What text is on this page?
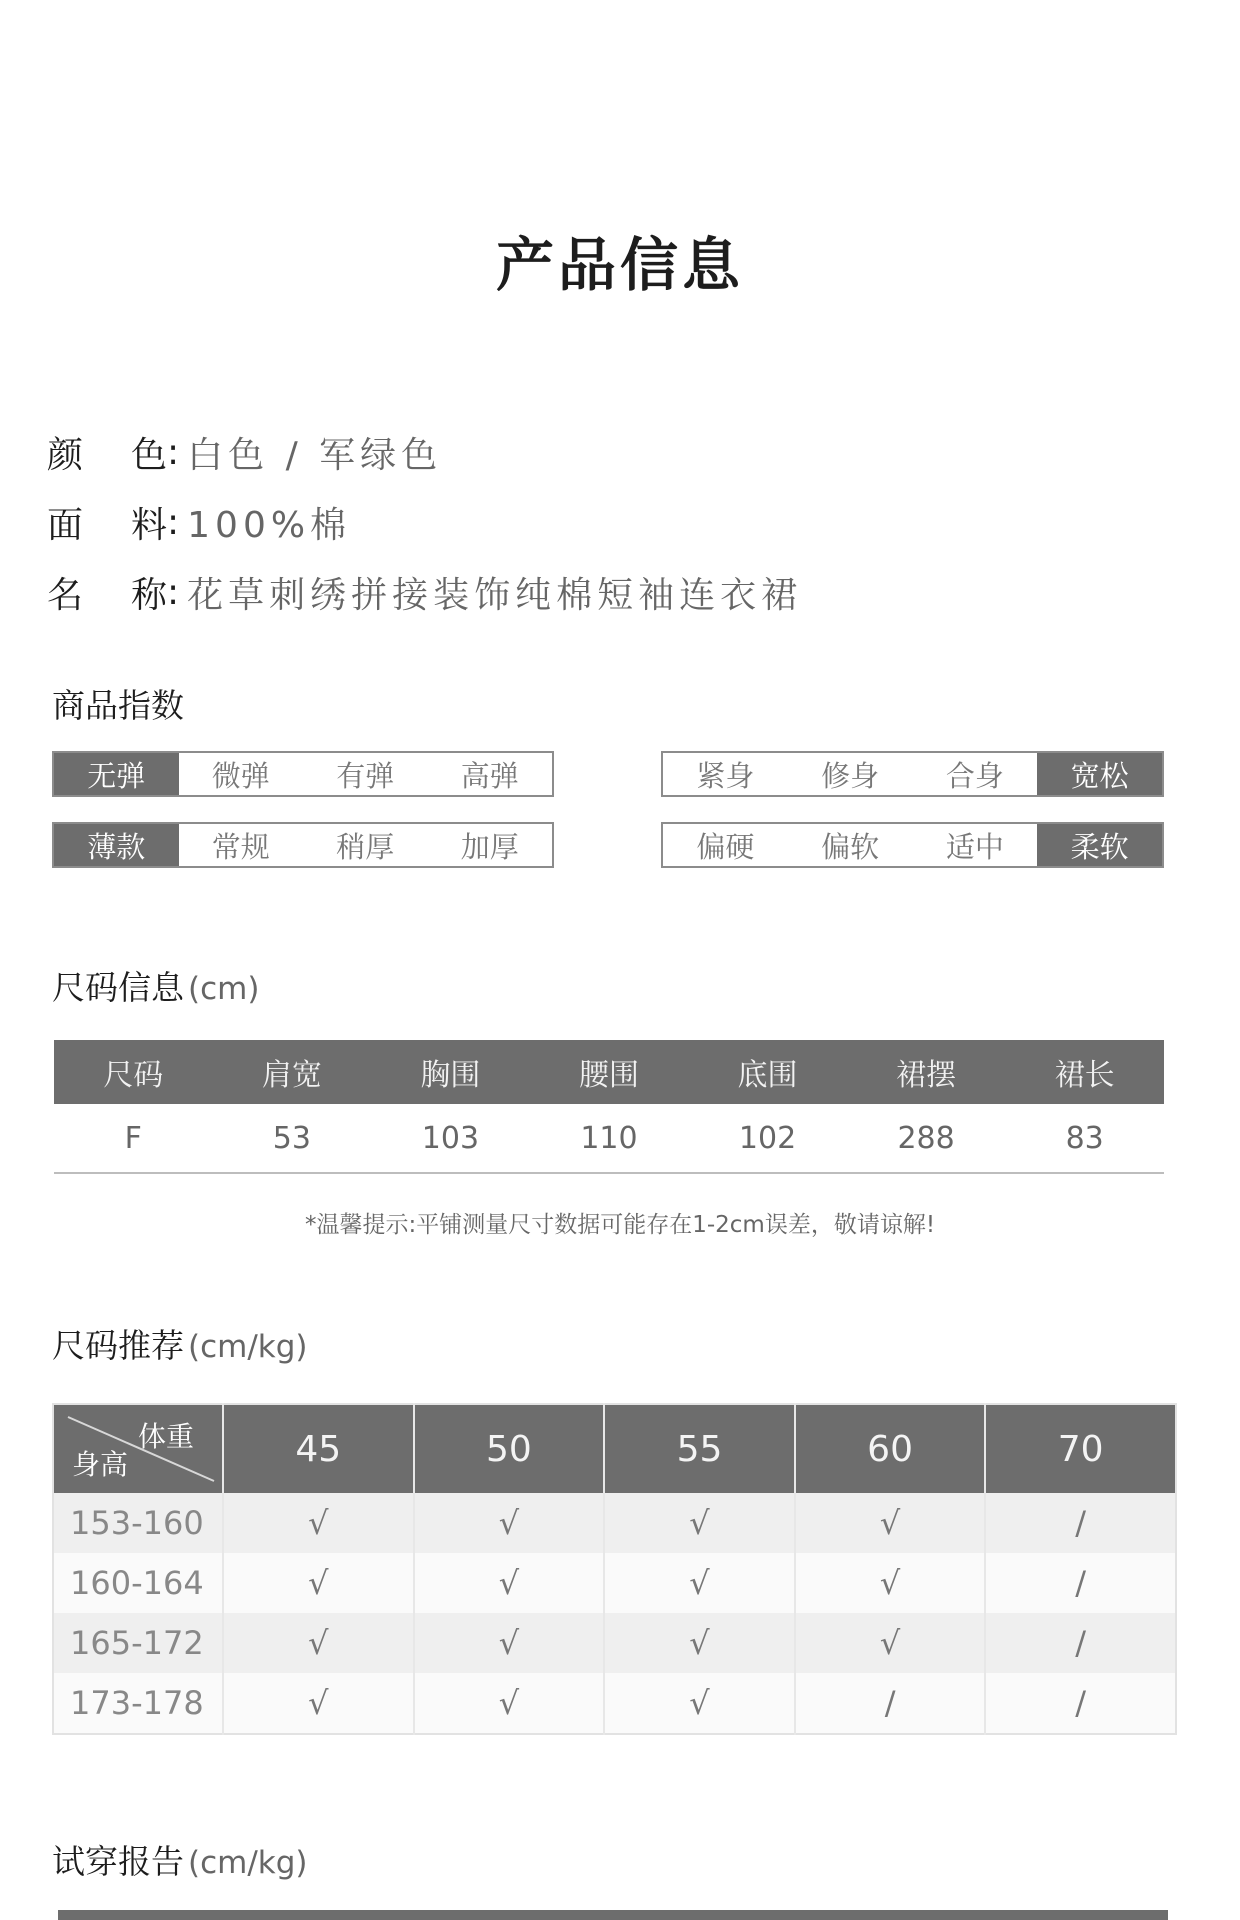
产品信息
颜 色 : 白色 / 军绿色
面 料 : 100%棉
名 称 : 花草刺绣拼接装饰纯棉短袖连衣裙
商品指数
无弹	微弹	有弹	高弹	紧身	修身	合身	宽松
薄款	常规	稍厚	加厚	偏硬	偏软	适中	柔软
尺码信息 (cm)
尺码	肩宽	胸围	腰围	底围	裙摆	裙长
F	53	103	110	102	288	83
*温馨提示:平铺测量尺寸数据可能存在1-2cm误差，敬请谅解!
尺码推荐 (cm/kg)
体重
身高	45	50	55	60	70
153-160	√	√	√	√	/
160-164	√	√	√	√	/
165-172	√	√	√	√	/
173-178	√	√	√	/	/
试穿报告 (cm/kg)
